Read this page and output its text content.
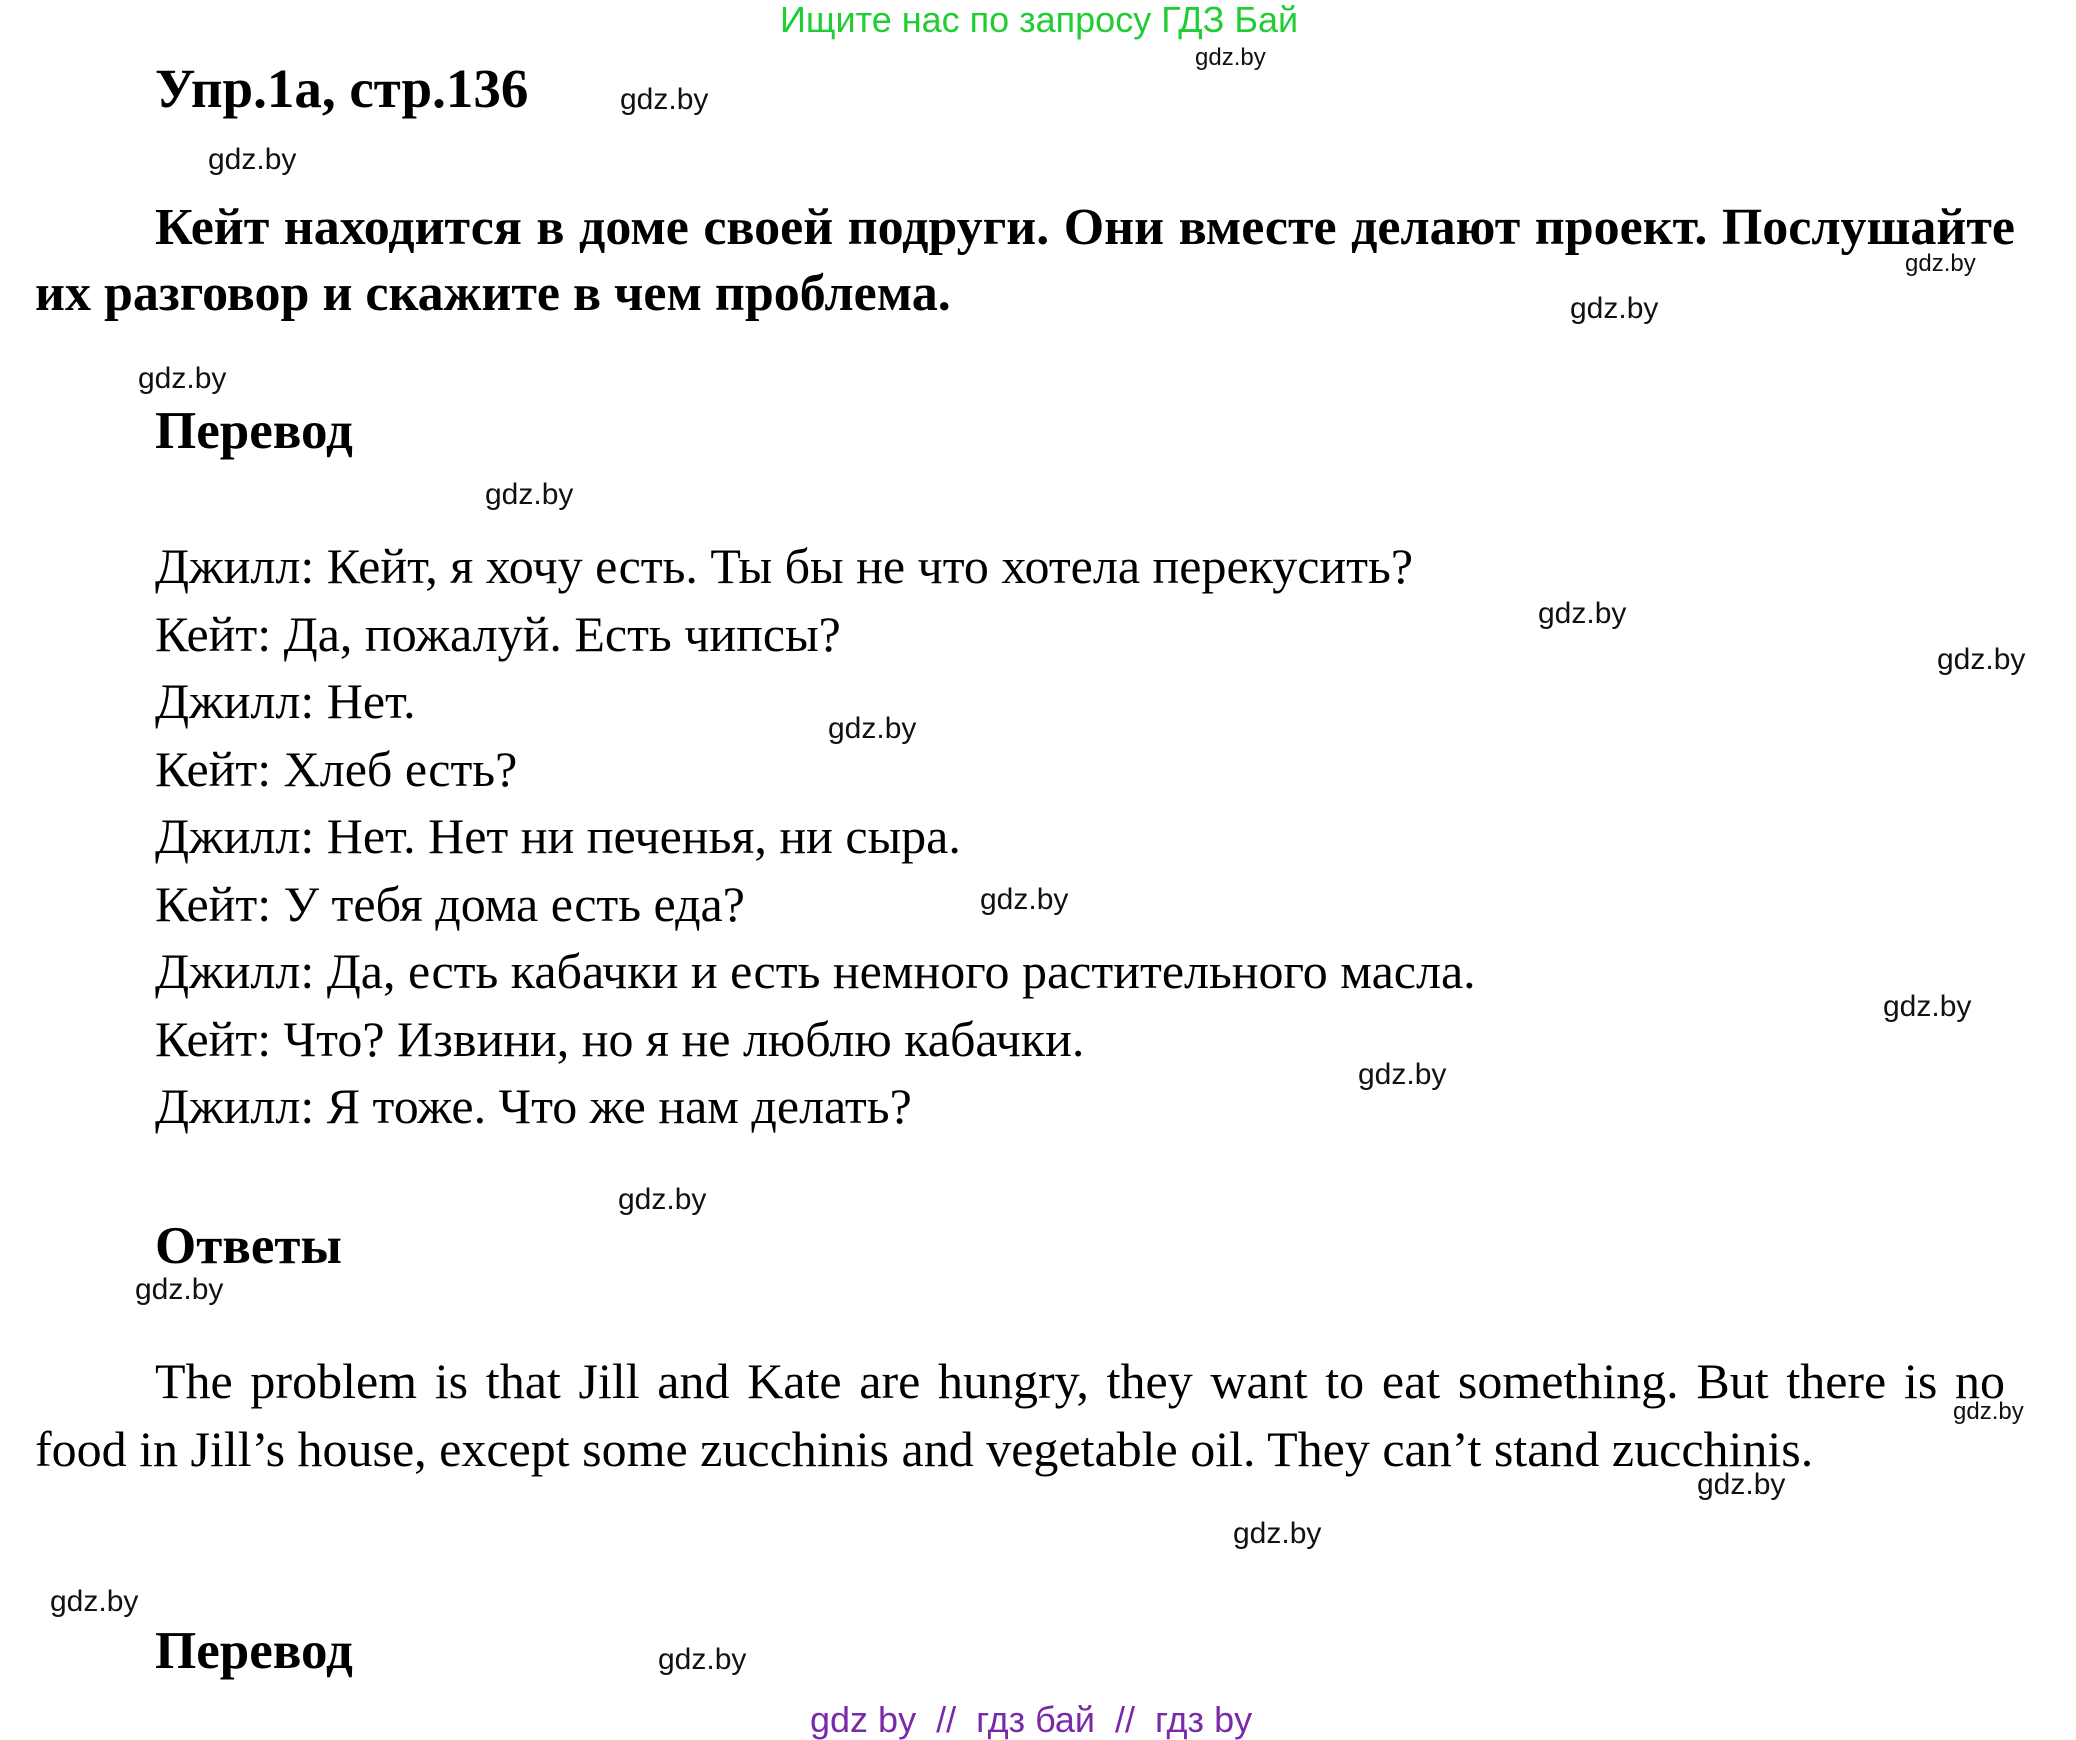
Ищите нас по запросу ГДЗ Бай
Упр.1а, стр.136
Кейт находится в доме своей подруги. Они вместе делают проект. Послушайте их разговор и скажите в чем проблема.
Перевод
Джилл: Кейт, я хочу есть. Ты бы не что хотела перекусить?
Кейт: Да, пожалуй. Есть чипсы?
Джилл: Нет.
Кейт: Хлеб есть?
Джилл: Нет. Нет ни печенья, ни сыра.
Кейт: У тебя дома есть еда?
Джилл: Да, есть кабачки и есть немного растительного масла.
Кейт: Что? Извини, но я не люблю кабачки.
Джилл: Я тоже. Что же нам делать?
Ответы
The problem is that Jill and Kate are hungry, they want to eat something. But there is no food in Jill’s house, except some zucchinis and vegetable oil. They can’t stand zucchinis.
Перевод
gdz.by
gdz.by
gdz.by
gdz.by
gdz.by
gdz.by
gdz.by
gdz.by
gdz.by
gdz.by
gdz.by
gdz.by
gdz.by
gdz.by
gdz.by
gdz.by
gdz.by
gdz.by
gdz.by
gdz.by
gdz by  //  гдз бай  //  гдз by
